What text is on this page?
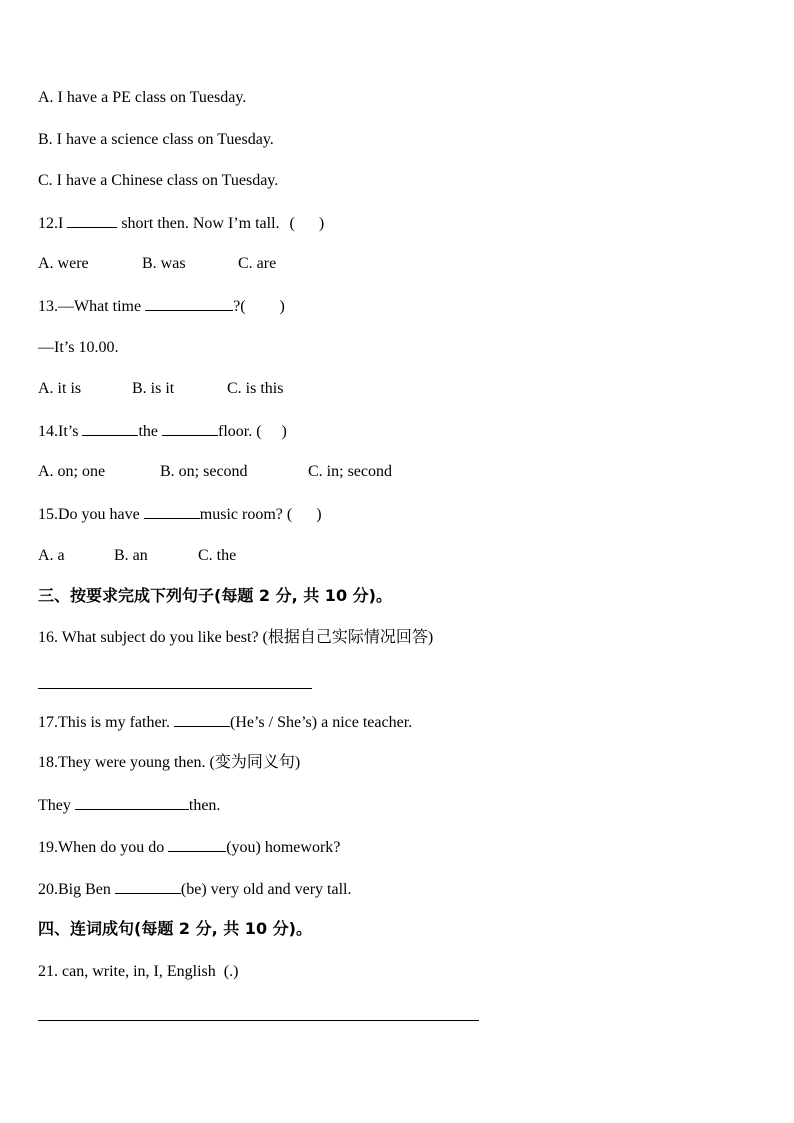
A. I have a PE class on Tuesday.
B. I have a science class on Tuesday.
C. I have a Chinese class on Tuesday.
12.I	short then. Now I’m tall. (      )
A. were	B. was	C. are
13.—What time	?( )
—It’s 10.00.
A. it is	B. is it	C. is this
14.It’s	the	floor. (     )
A. on; one	B. on; second	C. in; second
15.Do you have	music room? (      )
A. a	B. an	C. the
三、按要求完成下列句子(每题 2 分, 共 10 分)。
16. What subject do you like best? (根据自己实际情况回答)
17.This is my father.	(He’s / She’s) a nice teacher.
18.They were young then. (变为同义句)
They	then.
19.When do you do	(you) homework?
20.Big Ben	(be) very old and very tall.
四、连词成句(每题 2 分, 共 10 分)。
21. can, write, in, I, English  (.)
